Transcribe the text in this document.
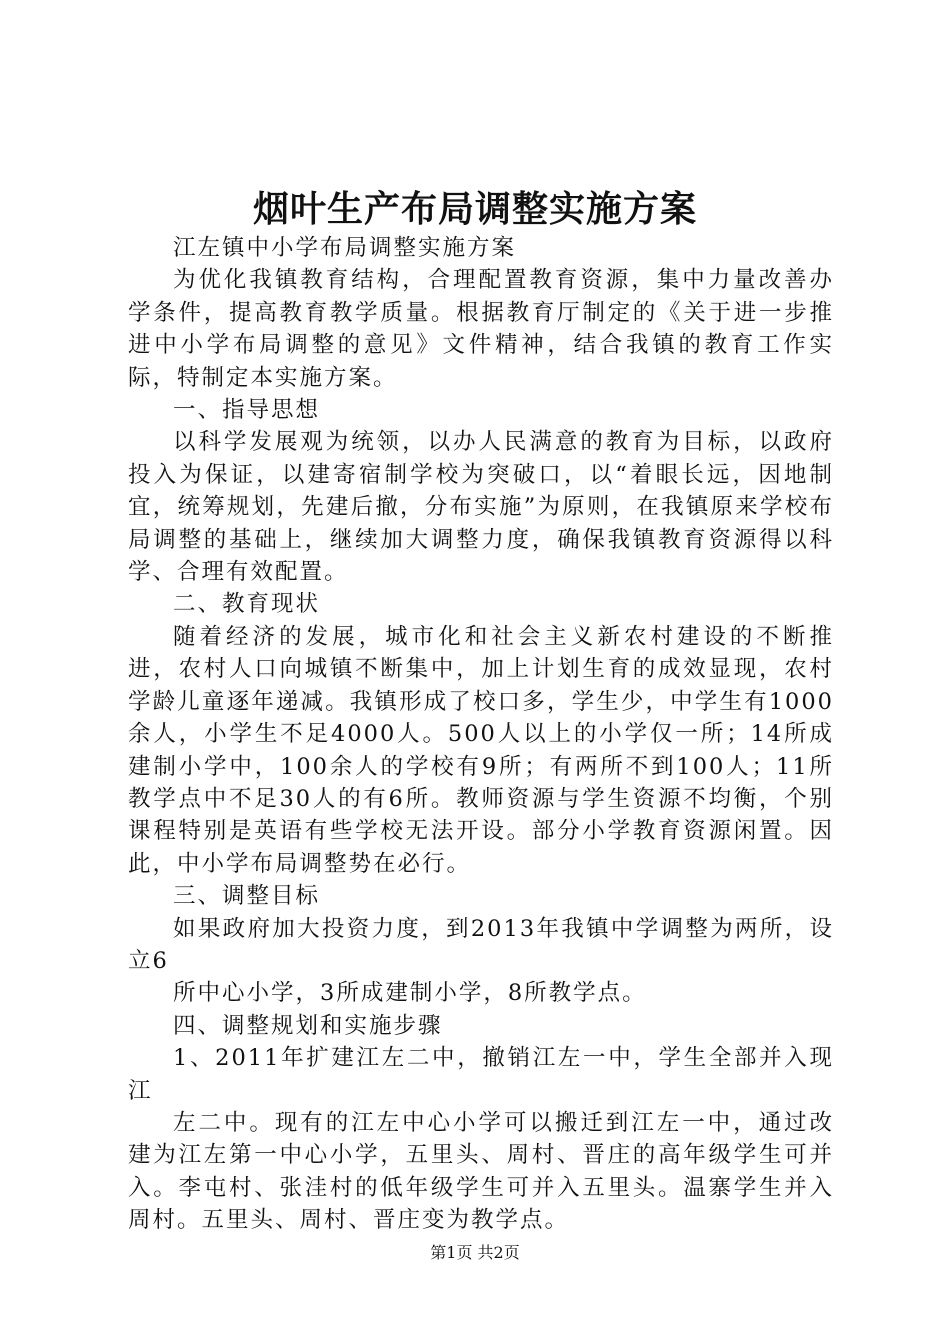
烟叶生产布局调整实施方案

江左镇中小学布局调整实施方案

为优化我镇教育结构，合理配置教育资源，集中力量改善办学条件，提高教育教学质量。根据教育厅制定的《关于进一步推进中小学布局调整的意见》文件精神，结合我镇的教育工作实际，特制定本实施方案。

一、指导思想

以科学发展观为统领，以办人民满意的教育为目标，以政府投入为保证，以建寄宿制学校为突破口，以“着眼长远，因地制宜，统筹规划，先建后撤，分布实施”为原则，在我镇原来学校布局调整的基础上，继续加大调整力度，确保我镇教育资源得以科学、合理有效配置。

二、教育现状

随着经济的发展，城市化和社会主义新农村建设的不断推进，农村人口向城镇不断集中，加上计划生育的成效显现，农村学龄儿童逐年递减。我镇形成了校口多，学生少，中学生有1000余人，小学生不足4000人。500人以上的小学仅一所；14所成建制小学中，100余人的学校有9所；有两所不到100人；11所教学点中不足30人的有6所。教师资源与学生资源不均衡，个别课程特别是英语有些学校无法开设。部分小学教育资源闲置。因此，中小学布局调整势在必行。

三、调整目标

如果政府加大投资力度，到2013年我镇中学调整为两所，设立6

所中心小学，3所成建制小学，8所教学点。

四、调整规划和实施步骤

1、2011年扩建江左二中，撤销江左一中，学生全部并入现江

左二中。现有的江左中心小学可以搬迁到江左一中，通过改建为江左第一中心小学，五里头、周村、晋庄的高年级学生可并入。李屯村、张洼村的低年级学生可并入五里头。温寨学生并入周村。五里头、周村、晋庄变为教学点。

第1页 共2页
